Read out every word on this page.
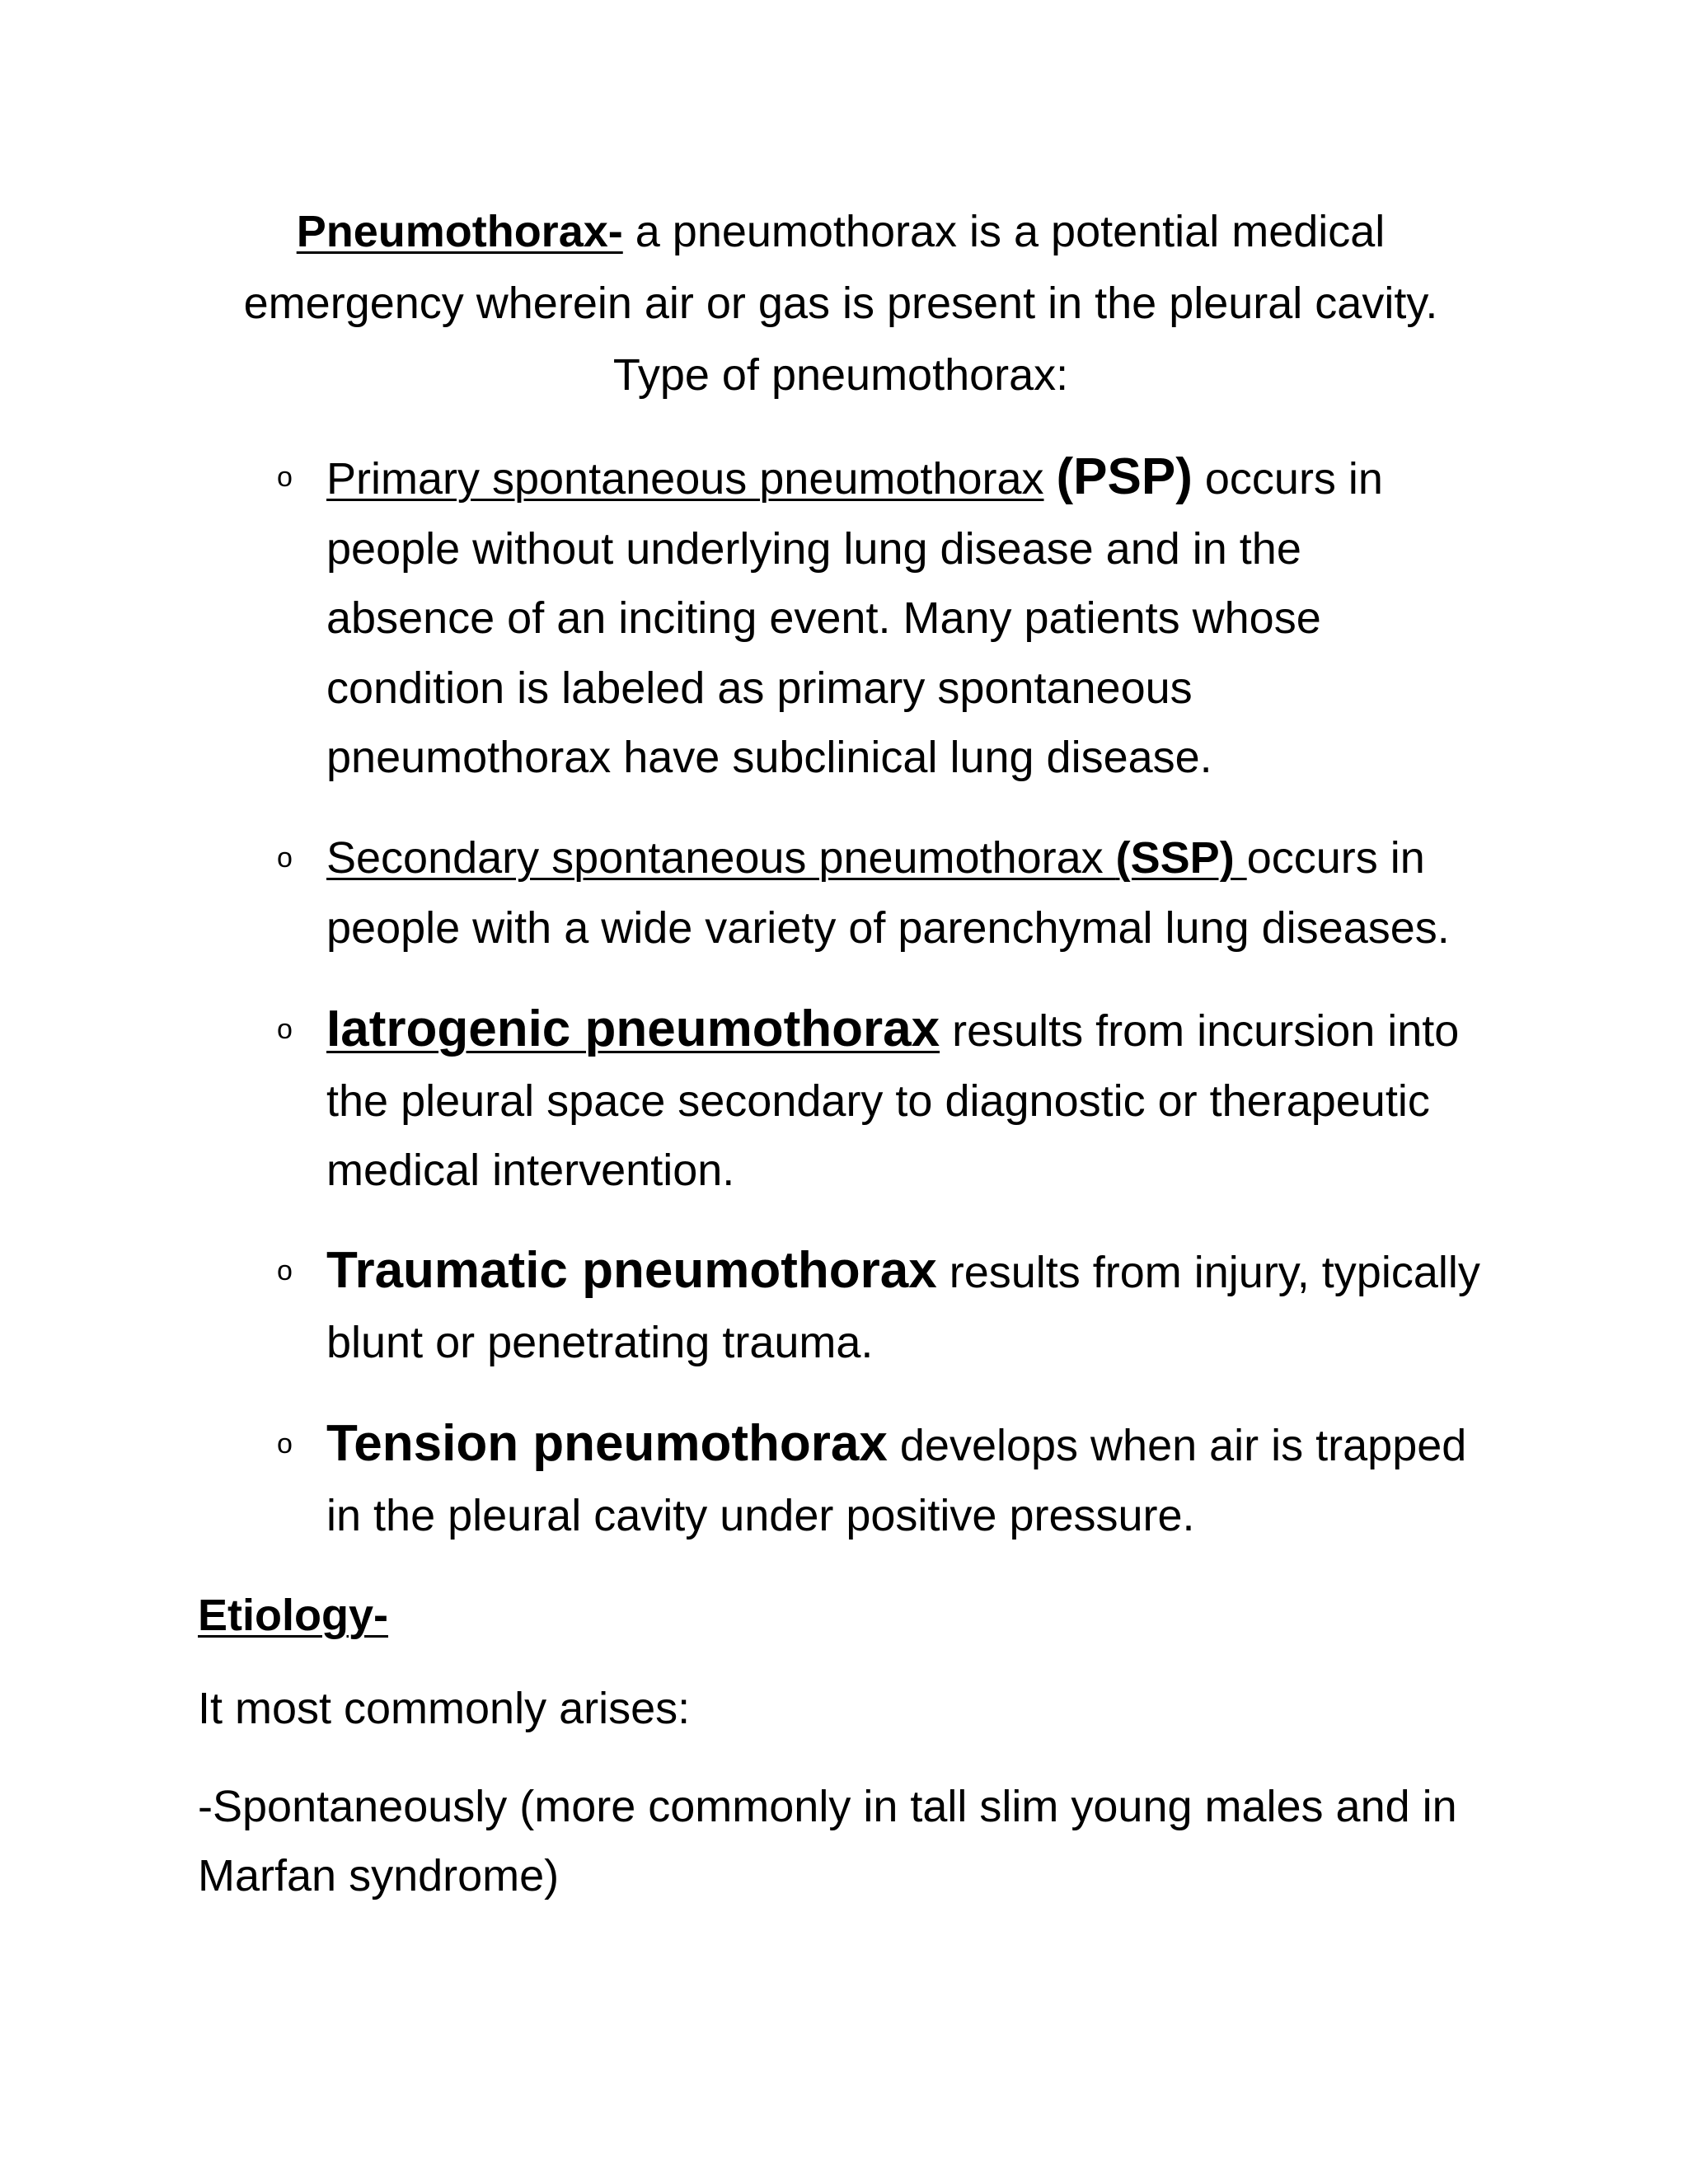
Pneumothorax- a pneumothorax is a potential medical
emergency wherein air or gas is present in the pleural cavity.
Type of pneumothorax:
o Primary spontaneous pneumothorax (PSP) occurs in
people without underlying lung disease and in the
absence of an inciting event. Many patients whose
condition is labeled as primary spontaneous
pneumothorax have subclinical lung disease.
o Secondary spontaneous pneumothorax (SSP) occurs in
people with a wide variety of parenchymal lung diseases.
o Iatrogenic pneumothorax results from incursion into
the pleural space secondary to diagnostic or therapeutic
medical intervention.
o Traumatic pneumothorax results from injury, typically
blunt or penetrating trauma.
o Tension pneumothorax develops when air is trapped
in the pleural cavity under positive pressure.
Etiology-
It most commonly arises:
-Spontaneously (more commonly in tall slim young males and in
Marfan syndrome)
